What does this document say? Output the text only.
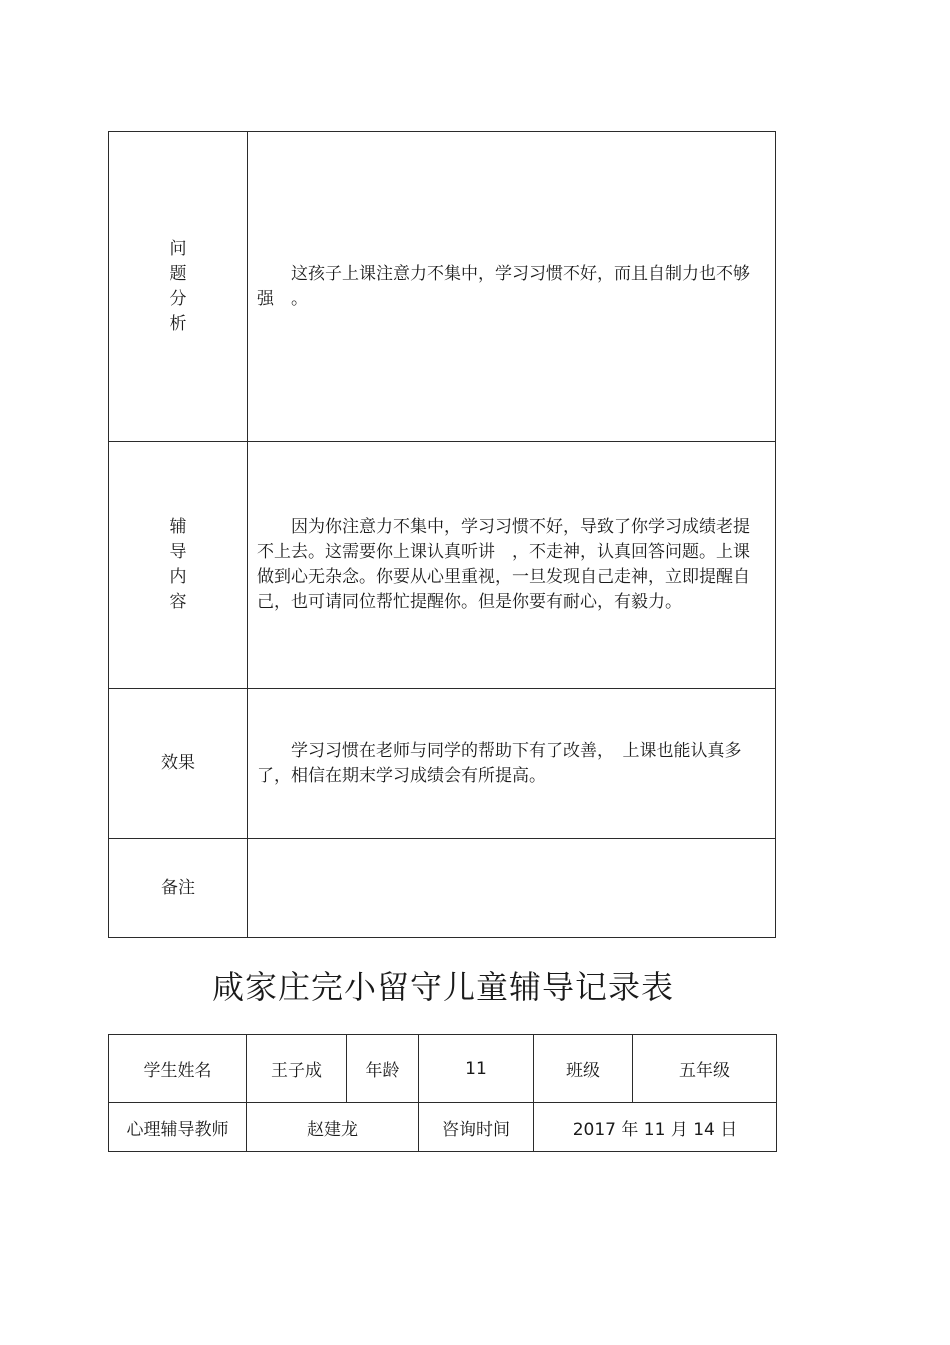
问题分析	这孩子上课注意力不集中，学习习惯不好，而且自制力也不够强　。

辅导内容	因为你注意力不集中，学习习惯不好，导致了你学习成绩老提不上去。这需要你上课认真听讲　，不走神，认真回答问题。上课做到心无杂念。你要从心里重视，一旦发现自己走神，立即提醒自己，也可请同位帮忙提醒你。但是你要有耐心，有毅力。

效果	学习习惯在老师与同学的帮助下有了改善，　上课也能认真多了，相信在期末学习成绩会有所提高。

备注	

咸家庄完小留守儿童辅导记录表
学生姓名	王子成	年龄	11	班级	五年级
心理辅导教师	赵建龙		咨询时间	2017 年 11 月 14 日	
